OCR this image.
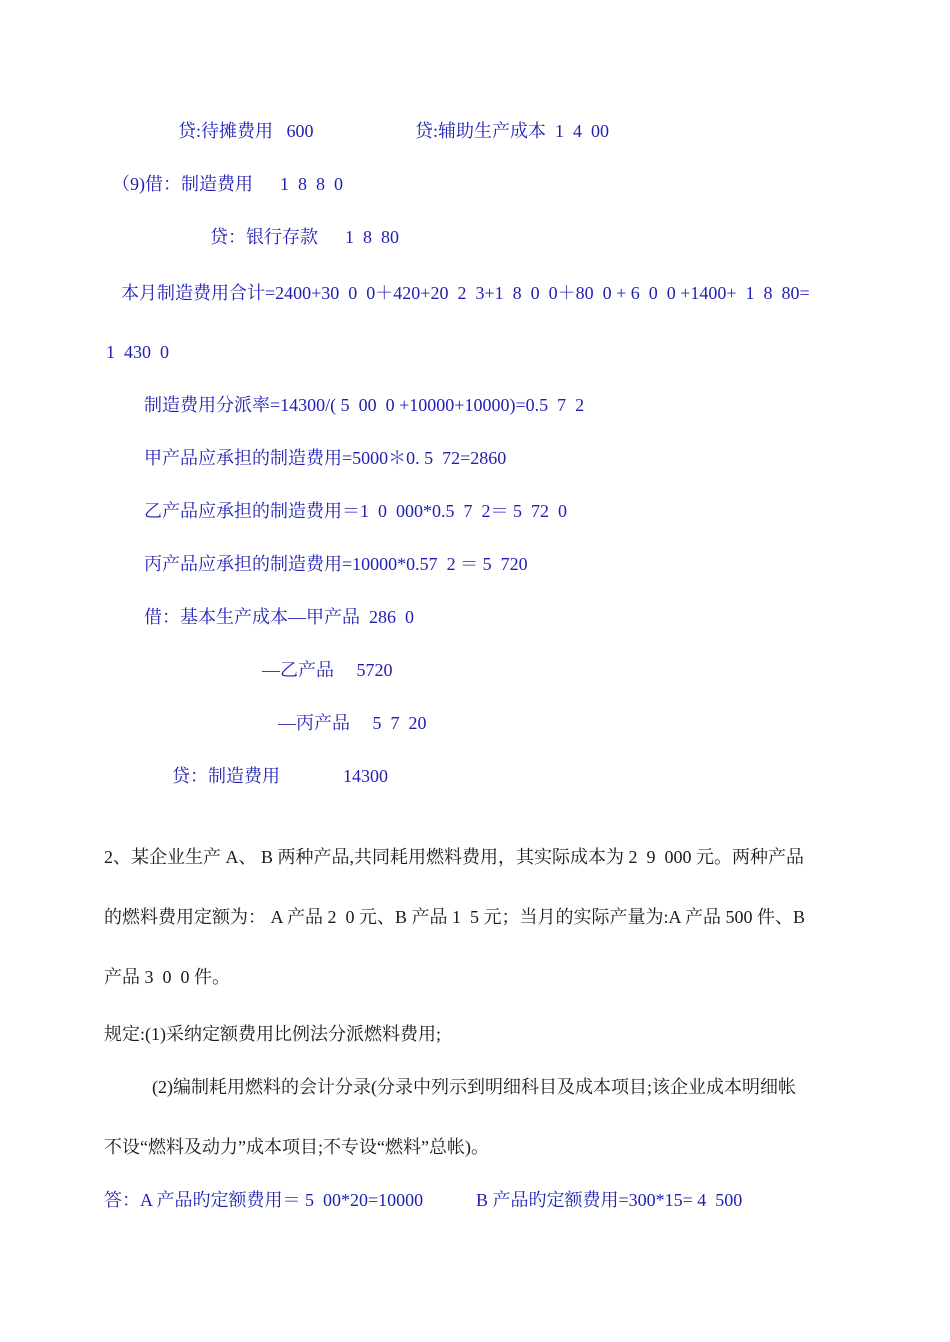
贷:待摊费用   600	贷:辅助生产成本  1  4  00
（9)借：制造费用      1  8  8  0
贷：银行存款      1  8  80
本月制造费用合计=2400+30  0  0＋420+20  2  3+1  8  0  0＋80  0 + 6  0  0 +1400+  1  8  80=
1  430  0
制造费用分派率=14300/( 5  00  0 +10000+10000)=0.5  7  2
甲产品应承担的制造费用=5000＊0. 5  72=2860
乙产品应承担的制造费用＝1  0  000*0.5  7  2＝ 5  72  0
丙产品应承担的制造费用=10000*0.57  2 ＝ 5  720
借：基本生产成本—甲产品  286  0
—乙产品     5720
—丙产品     5  7  20
贷：制造费用              14300
2、某企业生产 A、 B 两种产品,共同耗用燃料费用，其实际成本为 2  9  000 元。两种产品
的燃料费用定额为： A 产品 2  0 元、B 产品 1  5 元；当月的实际产量为:A 产品 500 件、B
产品 3  0  0 件。
规定:(1)采纳定额费用比例法分派燃料费用;
(2)编制耗用燃料的会计分录(分录中列示到明细科目及成本项目;该企业成本明细帐
不设“燃料及动力”成本项目;不专设“燃料”总帐)。
答：A 产品旳定额费用＝ 5  00*20=10000	B 产品旳定额费用=300*15= 4  500
